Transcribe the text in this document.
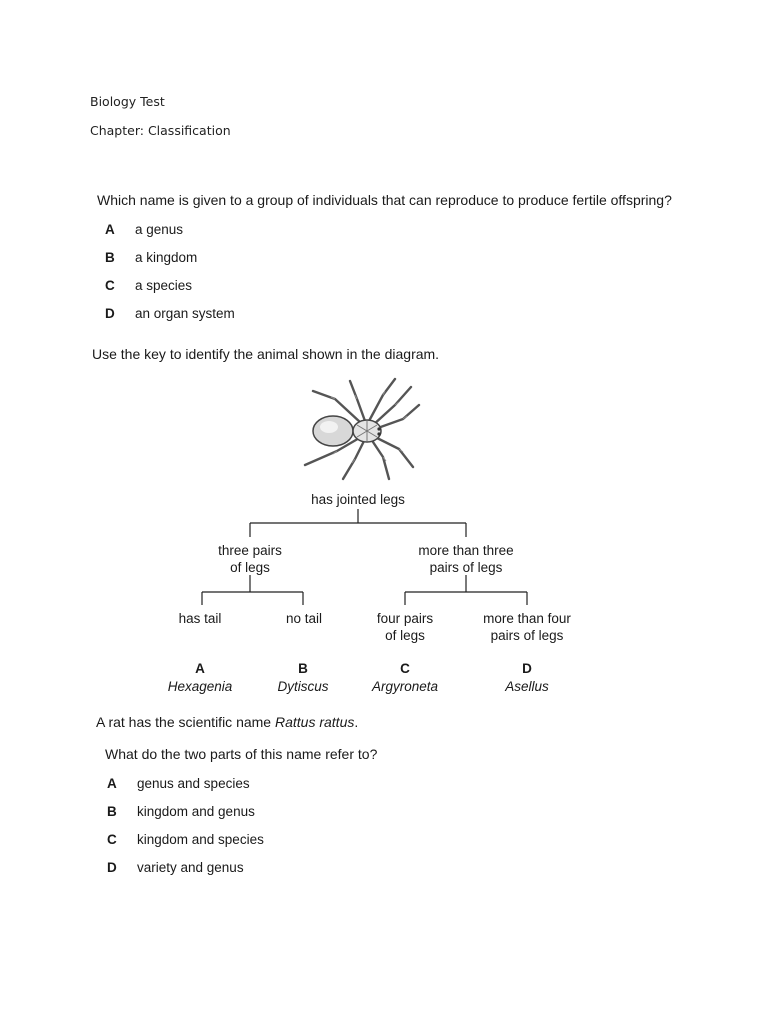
Biology Test
Chapter: Classification
Which name is given to a group of individuals that can reproduce to produce fertile offspring?
A a genus
B a kingdom
C a species
D an organ system
Use the key to identify the animal shown in the diagram.
has jointed legs
three pairs
of legs
more than three
pairs of legs
has tail	no tail	four pairs
of legs
more than four
pairs of legs
A
Hexagenia
B
Dytiscus
C
Argyroneta
D
Asellus
A rat has the scientific name Rattus rattus.
What do the two parts of this name refer to?
A genus and species
B kingdom and genus
C kingdom and species
D variety and genus
